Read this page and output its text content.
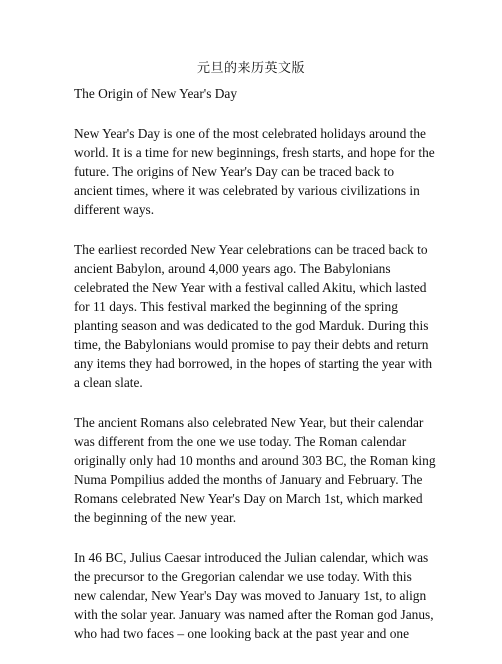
元旦的来历英文版
The Origin of New Year's Day
New Year's Day is one of the most celebrated holidays around the world. It is a time for new beginnings, fresh starts, and hope for the future. The origins of New Year's Day can be traced back to ancient times, where it was celebrated by various civilizations in different ways.
The earliest recorded New Year celebrations can be traced back to ancient Babylon, around 4,000 years ago. The Babylonians celebrated the New Year with a festival called Akitu, which lasted for 11 days. This festival marked the beginning of the spring planting season and was dedicated to the god Marduk. During this time, the Babylonians would promise to pay their debts and return any items they had borrowed, in the hopes of starting the year with a clean slate.
The ancient Romans also celebrated New Year, but their calendar was different from the one we use today. The Roman calendar originally only had 10 months and around 303 BC, the Roman king Numa Pompilius added the months of January and February. The Romans celebrated New Year's Day on March 1st, which marked the beginning of the new year.
In 46 BC, Julius Caesar introduced the Julian calendar, which was the precursor to the Gregorian calendar we use today. With this new calendar, New Year's Day was moved to January 1st, to align with the solar year. January was named after the Roman god Janus, who had two faces – one looking back at the past year and one
